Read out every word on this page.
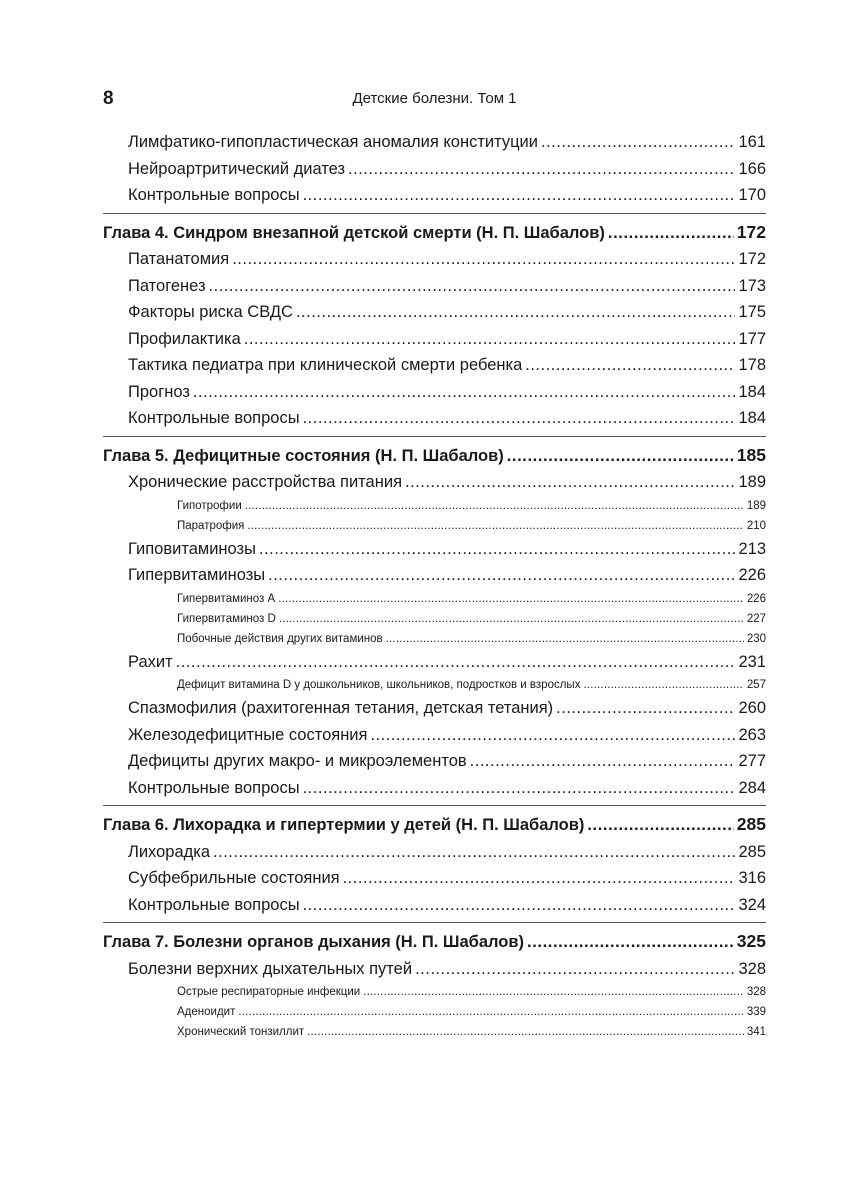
8	Детские болезни. Том 1
Лимфатико-гипопластическая аномалия конституции .....	161
Нейроартритический диатез .....	166
Контрольные вопросы .....	170
Глава 4. Синдром внезапной детской смерти (Н. П. Шабалов) .....	172
Патанатомия .....	172
Патогенез .....	173
Факторы риска СВДС .....	175
Профилактика .....	177
Тактика педиатра при клинической смерти ребенка .....	178
Прогноз .....	184
Контрольные вопросы .....	184
Глава 5. Дефицитные состояния (Н. П. Шабалов) .....	185
Хронические расстройства питания .....	189
Гипотрофии .....	189
Паратрофия .....	210
Гиповитаминозы .....	213
Гипервитаминозы .....	226
Гипервитаминоз А .....	226
Гипервитаминоз D .....	227
Побочные действия других витаминов .....	230
Рахит .....	231
Дефицит витамина D у дошкольников, школьников, подростков и взрослых .....	257
Спазмофилия (рахитогенная тетания, детская тетания) .....	260
Железодефицитные состояния .....	263
Дефициты других макро- и микроэлементов .....	277
Контрольные вопросы .....	284
Глава 6. Лихорадка и гипертермии у детей (Н. П. Шабалов) .....	285
Лихорадка .....	285
Субфебрильные состояния .....	316
Контрольные вопросы .....	324
Глава 7. Болезни органов дыхания (Н. П. Шабалов) .....	325
Болезни верхних дыхательных путей .....	328
Острые респираторные инфекции .....	328
Аденоидит .....	339
Хронический тонзиллит .....	341
